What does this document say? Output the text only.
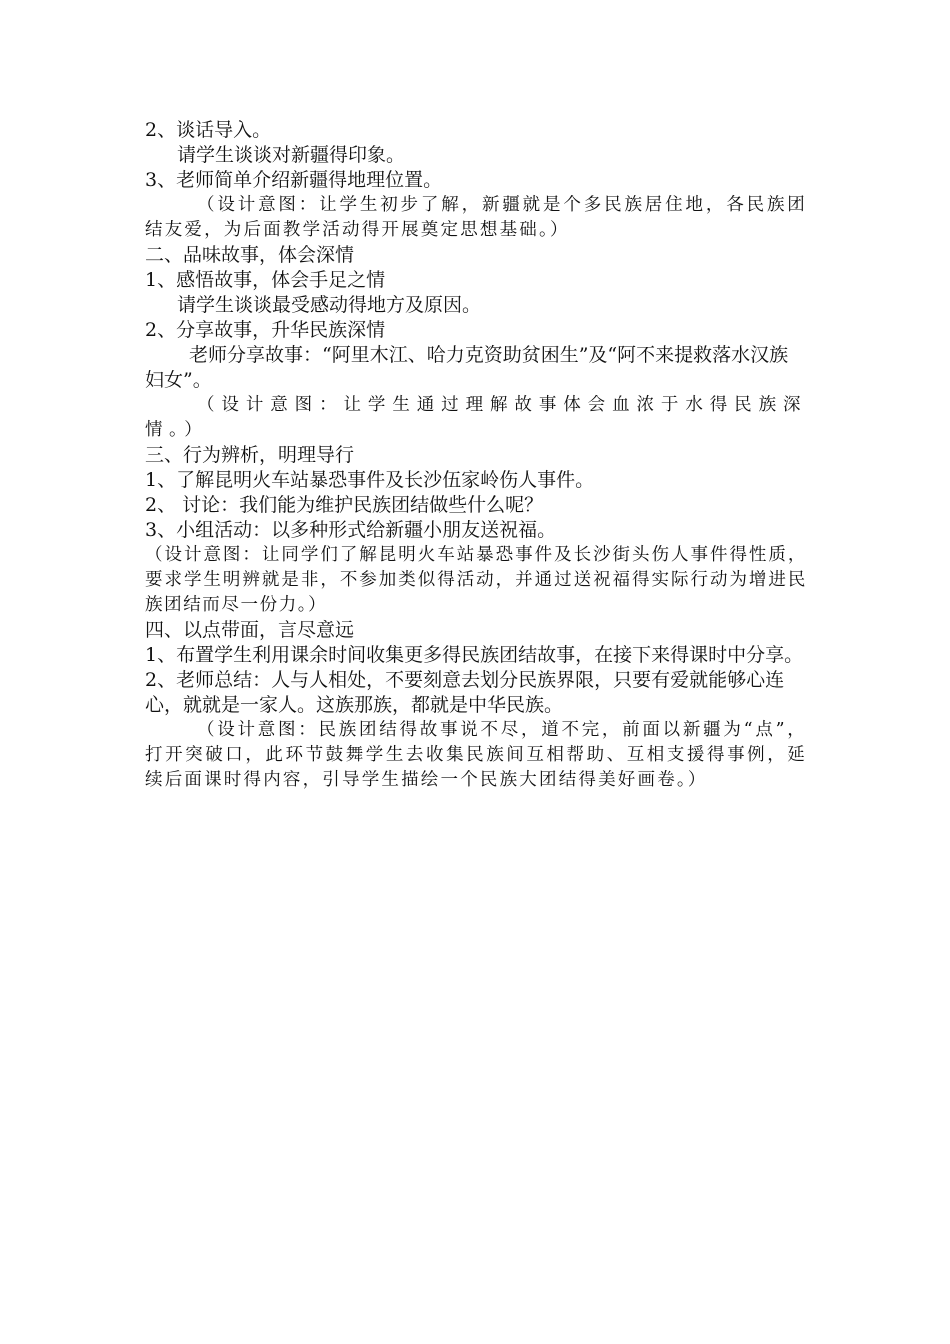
2、谈话导入。

请学生谈谈对新疆得印象。

3、老师简单介绍新疆得地理位置。

（设计意图：让学生初步了解，新疆就是个多民族居住地，各民族团结友爱，为后面教学活动得开展奠定思想基础。）

二、品味故事，体会深情

1、感悟故事，体会手足之情

请学生谈谈最受感动得地方及原因。

2、分享故事，升华民族深情

老师分享故事：“阿里木江、哈力克资助贫困生”及“阿不来提救落水汉族妇女”。

（设计意图：让学生通过理解故事体会血浓于水得民族深情。）

三、行为辨析，明理导行

1、了解昆明火车站暴恐事件及长沙伍家岭伤人事件。

2、 讨论：我们能为维护民族团结做些什么呢？

3、小组活动：以多种形式给新疆小朋友送祝福。

（设计意图：让同学们了解昆明火车站暴恐事件及长沙街头伤人事件得性质，要求学生明辨就是非，不参加类似得活动，并通过送祝福得实际行动为增进民族团结而尽一份力。）

四、以点带面，言尽意远

1、布置学生利用课余时间收集更多得民族团结故事，在接下来得课时中分享。

2、老师总结：人与人相处，不要刻意去划分民族界限，只要有爱就能够心连心，就就是一家人。这族那族，都就是中华民族。

（设计意图：民族团结得故事说不尽，道不完，前面以新疆为“点”，打开突破口，此环节鼓舞学生去收集民族间互相帮助、互相支援得事例，延续后面课时得内容，引导学生描绘一个民族大团结得美好画卷。）
